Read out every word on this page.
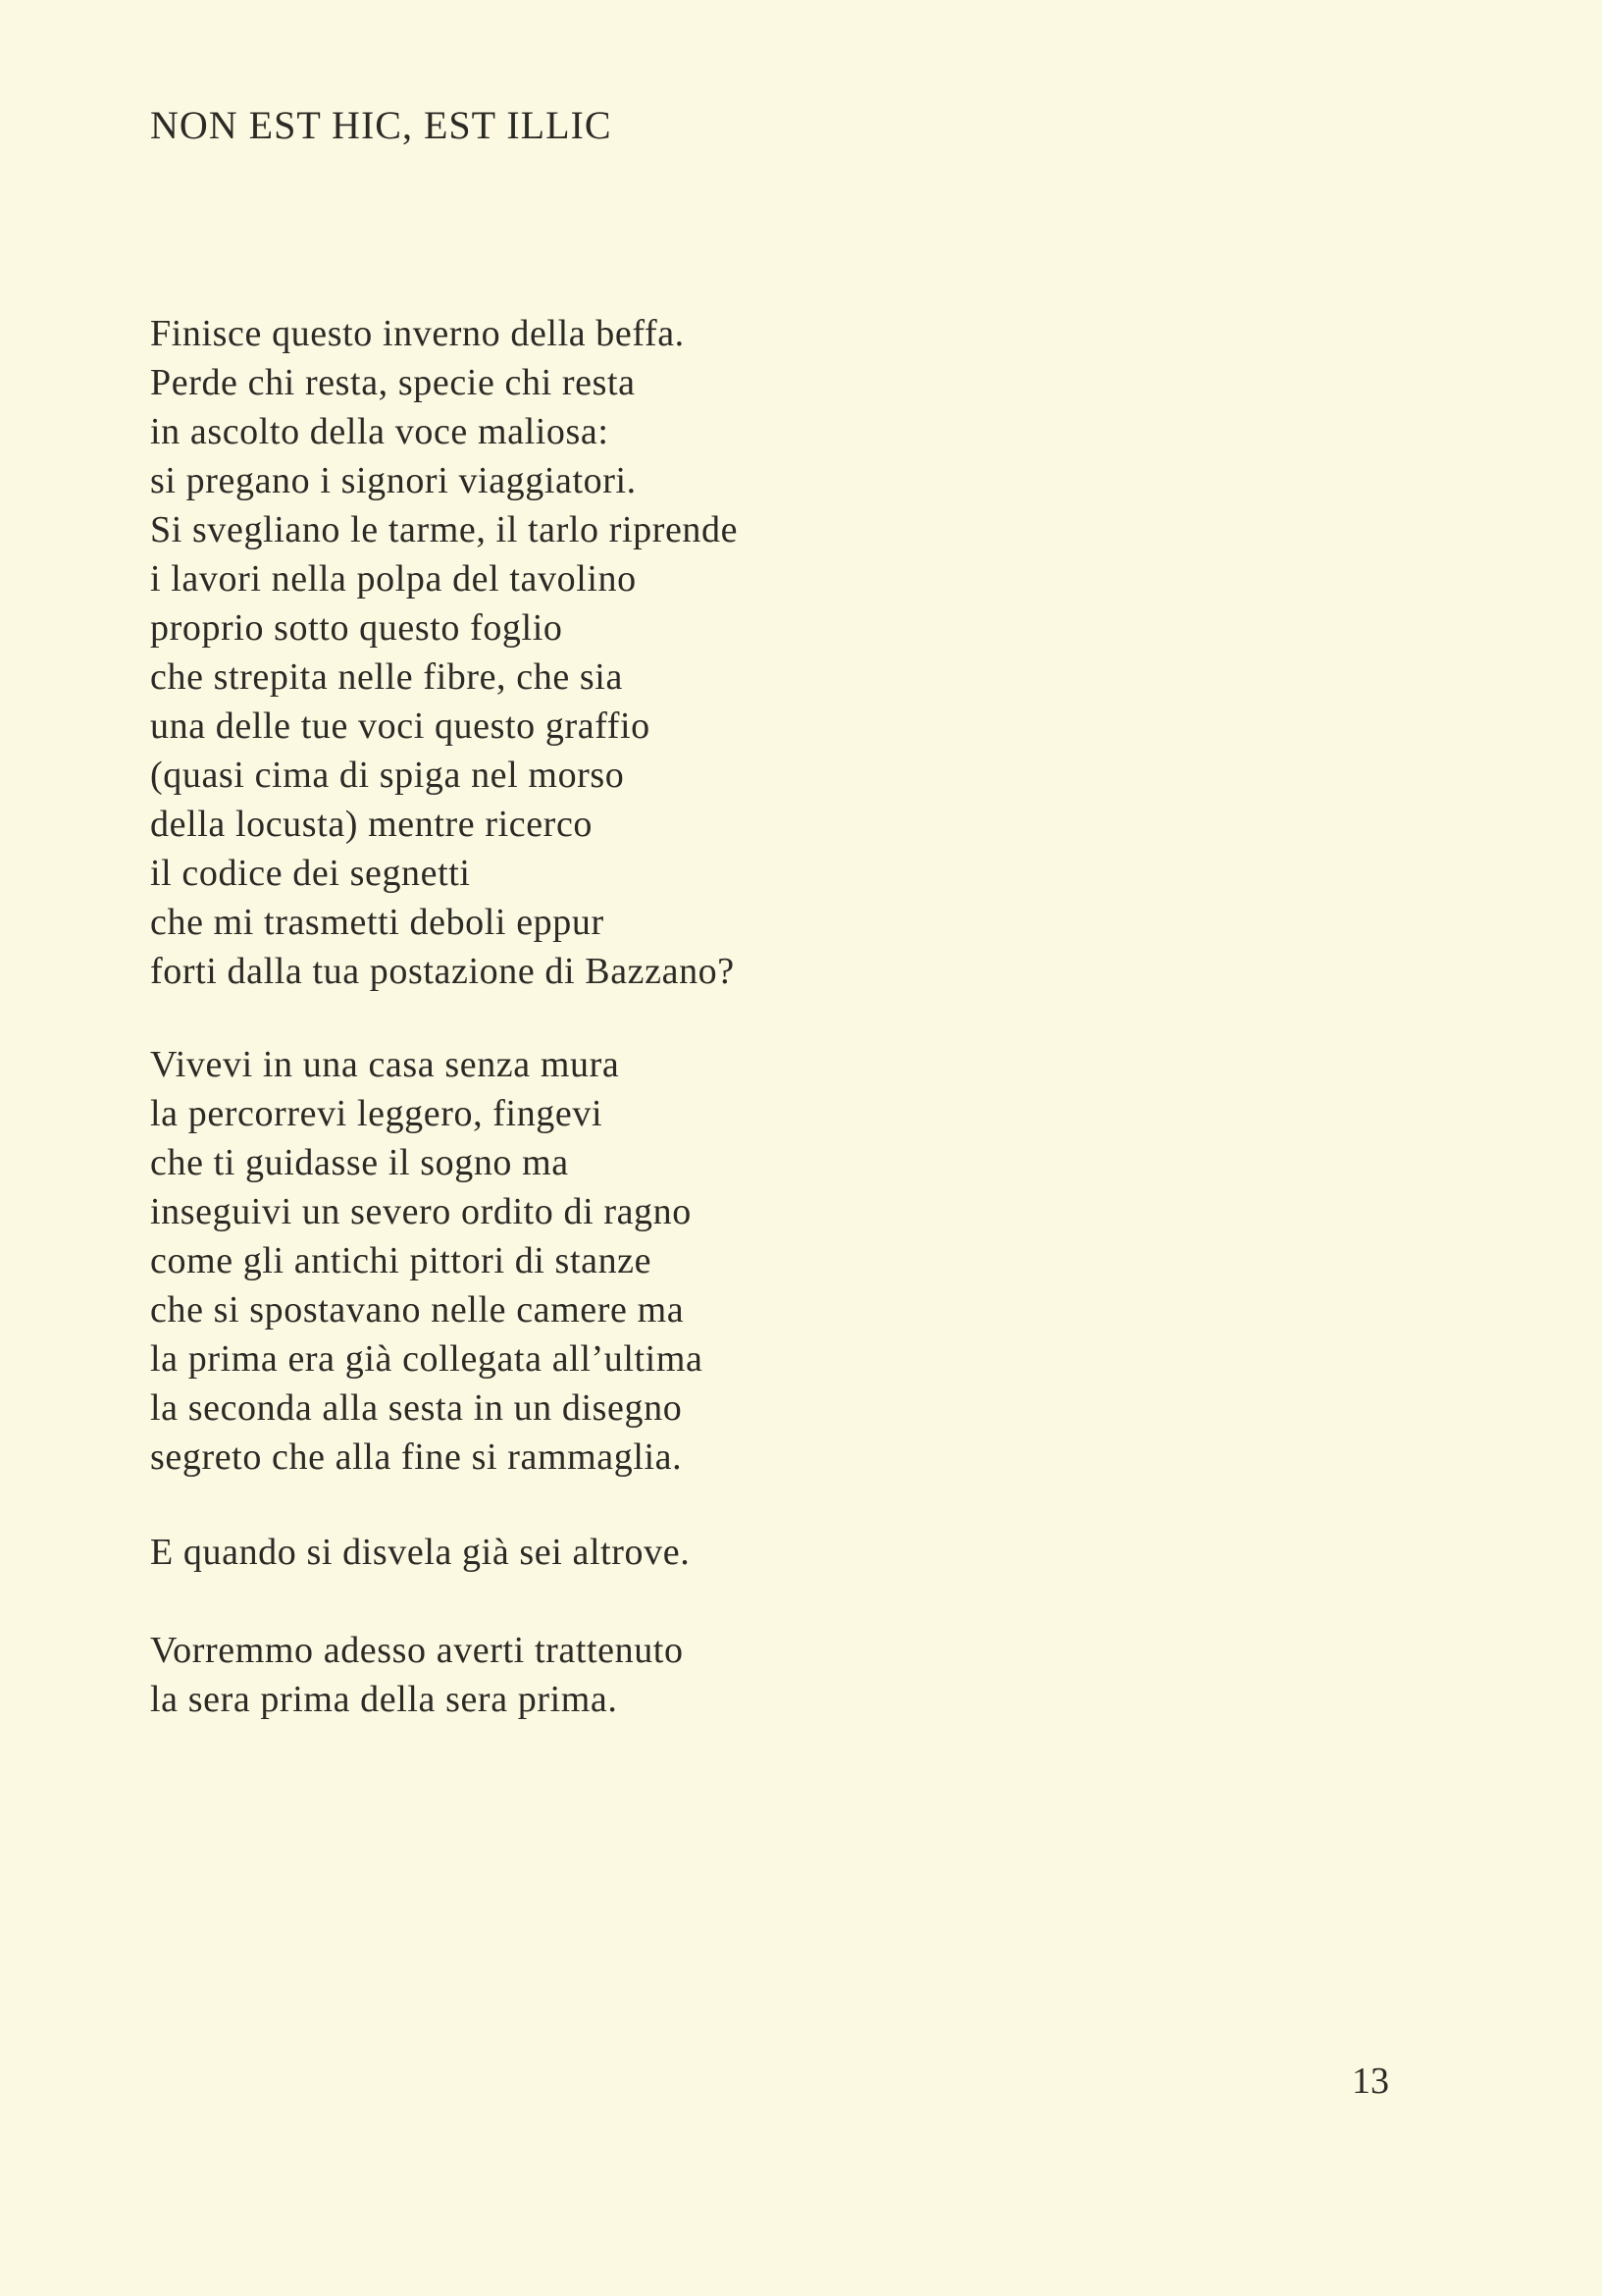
NON EST HIC, EST ILLIC
Finisce questo inverno della beffa.
Perde chi resta, specie chi resta
in ascolto della voce maliosa:
si pregano i signori viaggiatori.
Si svegliano le tarme, il tarlo riprende
i lavori nella polpa del tavolino
proprio sotto questo foglio
che strepita nelle fibre, che sia
una delle tue voci questo graffio
(quasi cima di spiga nel morso
della locusta) mentre ricerco
il codice dei segnetti
che mi trasmetti deboli eppur
forti dalla tua postazione di Bazzano?
Vivevi in una casa senza mura
la percorrevi leggero, fingevi
che ti guidasse il sogno ma
inseguivi un severo ordito di ragno
come gli antichi pittori di stanze
che si spostavano nelle camere ma
la prima era già collegata all’ultima
la seconda alla sesta in un disegno
segreto che alla fine si rammaglia.
E quando si disvela già sei altrove.
Vorremmo adesso averti trattenuto
la sera prima della sera prima.
13
